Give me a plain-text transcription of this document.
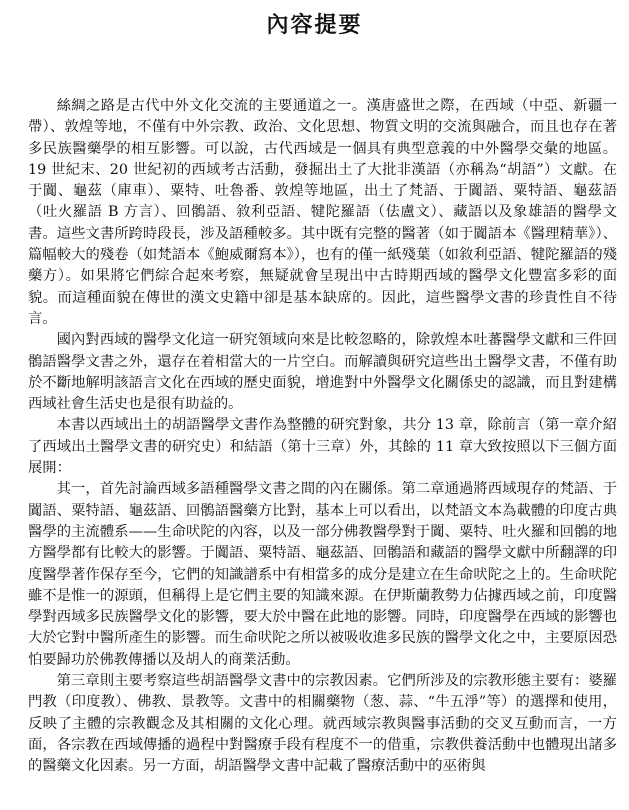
內容提要

絲綢之路是古代中外文化交流的主要通道之一。漢唐盛世之際，在西域（中亞、新疆一帶）、敦煌等地，不僅有中外宗教、政治、文化思想、物質文明的交流與融合，而且也存在著多民族醫藥學的相互影響。可以說，古代西域是一個具有典型意義的中外醫學交彙的地區。19 世紀末、20 世紀初的西域考古活動，發掘出土了大批非漢語（亦稱為“胡語”）文獻。在于闐、龜茲（庫車）、粟特、吐魯番、敦煌等地區，出土了梵語、于闐語、粟特語、龜茲語（吐火羅語 B 方言）、回鶻語、敘利亞語、犍陀羅語（佉盧文）、藏語以及象雄語的醫學文書。這些文書所跨時段長，涉及語種較多。其中既有完整的醫著（如于闐語本《醫理精華》）、篇幅較大的殘卷（如梵語本《鮑威爾寫本》），也有的僅一紙殘葉（如敘利亞語、犍陀羅語的殘藥方）。如果將它們綜合起來考察，無疑就會呈現出中古時期西域的醫學文化豐富多彩的面貌。而這種面貌在傳世的漢文史籍中卻是基本缺席的。因此，這些醫學文書的珍貴性自不待言。

國內對西域的醫學文化這一研究領域向來是比較忽略的，除敦煌本吐蕃醫學文獻和三件回鶻語醫學文書之外，還存在着相當大的一片空白。而解讀與研究這些出土醫學文書，不僅有助於不斷地解明該語言文化在西域的歷史面貌，增進對中外醫學文化關係史的認識，而且對建構西域社會生活史也是很有助益的。

本書以西域出土的胡語醫學文書作為整體的研究對象，共分 13 章，除前言（第一章介紹了西域出土醫學文書的研究史）和結語（第十三章）外，其餘的 11 章大致按照以下三個方面展開：

其一，首先討論西域多語種醫學文書之間的內在關係。第二章通過將西域現存的梵語、于闐語、粟特語、龜茲語、回鶻語醫藥方比對，基本上可以看出，以梵語文本為載體的印度古典醫學的主流體系——生命吠陀的內容，以及一部分佛教醫學對于闐、粟特、吐火羅和回鶻的地方醫學都有比較大的影響。于闐語、粟特語、龜茲語、回鶻語和藏語的醫學文獻中所翻譯的印度醫學著作保存至今，它們的知識譜系中有相當多的成分是建立在生命吠陀之上的。生命吠陀雖不是惟一的源頭，但稱得上是它們主要的知識來源。在伊斯蘭教勢力佔據西域之前，印度醫學對西域多民族醫學文化的影響，要大於中醫在此地的影響。同時，印度醫學在西域的影響也大於它對中醫所產生的影響。而生命吠陀之所以被吸收進多民族的醫學文化之中，主要原因恐怕要歸功於佛教傳播以及胡人的商業活動。

第三章則主要考察這些胡語醫學文書中的宗教因素。它們所涉及的宗教形態主要有：婆羅門教（印度教）、佛教、景教等。文書中的相關藥物（葱、蒜、“牛五淨”等）的選擇和使用，反映了主體的宗教觀念及其相關的文化心理。就西域宗教與醫事活動的交叉互動而言，一方面，各宗教在西域傳播的過程中對醫療手段有程度不一的借重，宗教供養活動中也體現出諸多的醫藥文化因素。另一方面，胡語醫學文書中記載了醫療活動中的巫術與
